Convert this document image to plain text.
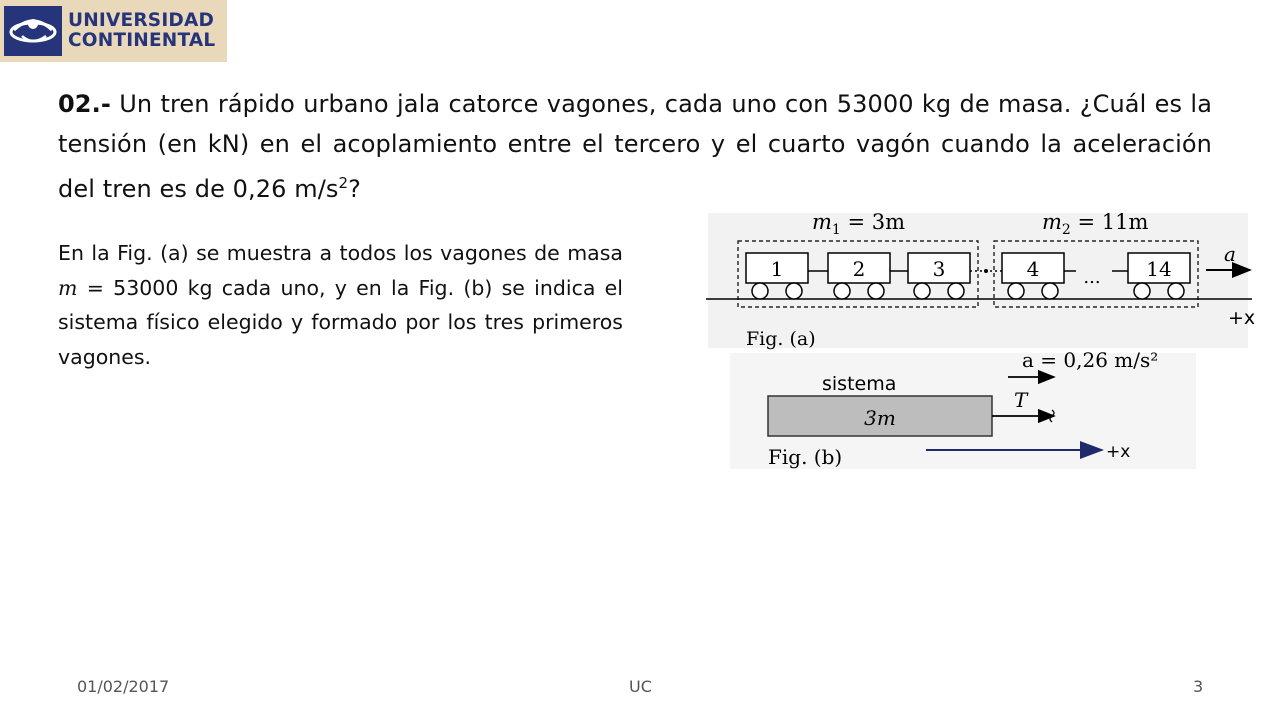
UNIVERSIDAD
CONTINENTAL
02.- Un tren rápido urbano jala catorce vagones, cada uno con 53000 kg de masa. ¿Cuál es la tensión (en kN) en el acoplamiento entre el tercero y el cuarto vagón cuando la aceleración del tren es de 0,26 $m/s^2$?
En la Fig. (a) se muestra a todos los vagones de masa m = 53000 kg cada uno, y en la Fig. (b) se indica el sistema físico elegido y formado por los tres primeros vagones.
$m_1 = 3m$	$m_2 = 11m$
1	2	3	4 ... 14
a
+x
Fig. (a)
a = 0,26 m/s²
sistema
T
3m
Fig. (b)	+x
01/02/2017	UC	3
